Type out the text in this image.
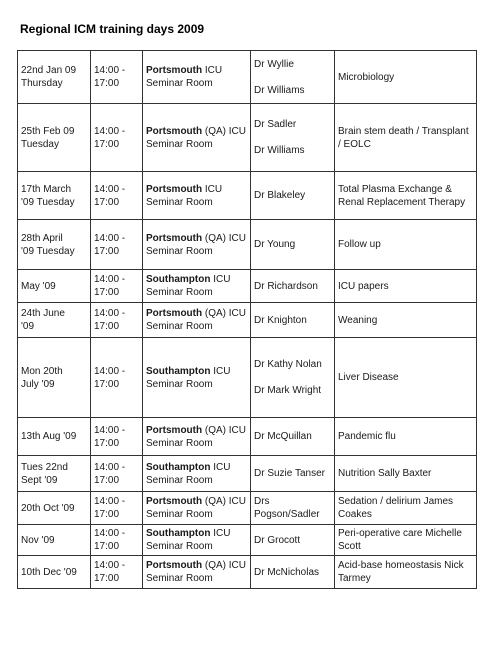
Regional ICM training days 2009
22nd Jan 09
Thursday	14:00 -
17:00	Portsmouth ICU Seminar Room	Dr Wyllie
Dr Williams	Microbiology

25th Feb 09
Tuesday	14:00 -
17:00	Portsmouth (QA) ICU Seminar Room	Dr Sadler
Dr Williams	Brain stem death / Transplant / EOLC

17th March
'09 Tuesday	14:00 -
17:00	Portsmouth ICU Seminar Room	Dr Blakeley	Total Plasma Exchange & Renal Replacement Therapy

28th April
'09 Tuesday	14:00 -
17:00	Portsmouth (QA) ICU Seminar Room	Dr Young	Follow up

May '09	14:00 -
17:00	Southampton ICU Seminar Room	Dr Richardson	ICU papers

24th June
'09	14:00 -
17:00	Portsmouth (QA) ICU Seminar Room	Dr Knighton	Weaning

Mon 20th
July '09	14:00 -
17:00	Southampton ICU Seminar Room	Dr Kathy Nolan
Dr Mark Wright	Liver Disease

13th Aug '09	14:00 -
17:00	Portsmouth (QA) ICU Seminar Room	Dr McQuillan	Pandemic flu

Tues 22nd
Sept '09	14:00 -
17:00	Southampton ICU Seminar Room	Dr Suzie Tanser	Nutrition Sally Baxter

20th Oct '09	14:00 -
17:00	Portsmouth (QA) ICU Seminar Room	Drs Pogson/Sadler	Sedation / delirium James Coakes

Nov '09	14:00 -
17:00	Southampton ICU Seminar Room	Dr Grocott	Peri-operative care Michelle Scott

10th Dec '09	14:00 -
17:00	Portsmouth (QA) ICU Seminar Room	Dr McNicholas	Acid-base homeostasis Nick Tarmey
